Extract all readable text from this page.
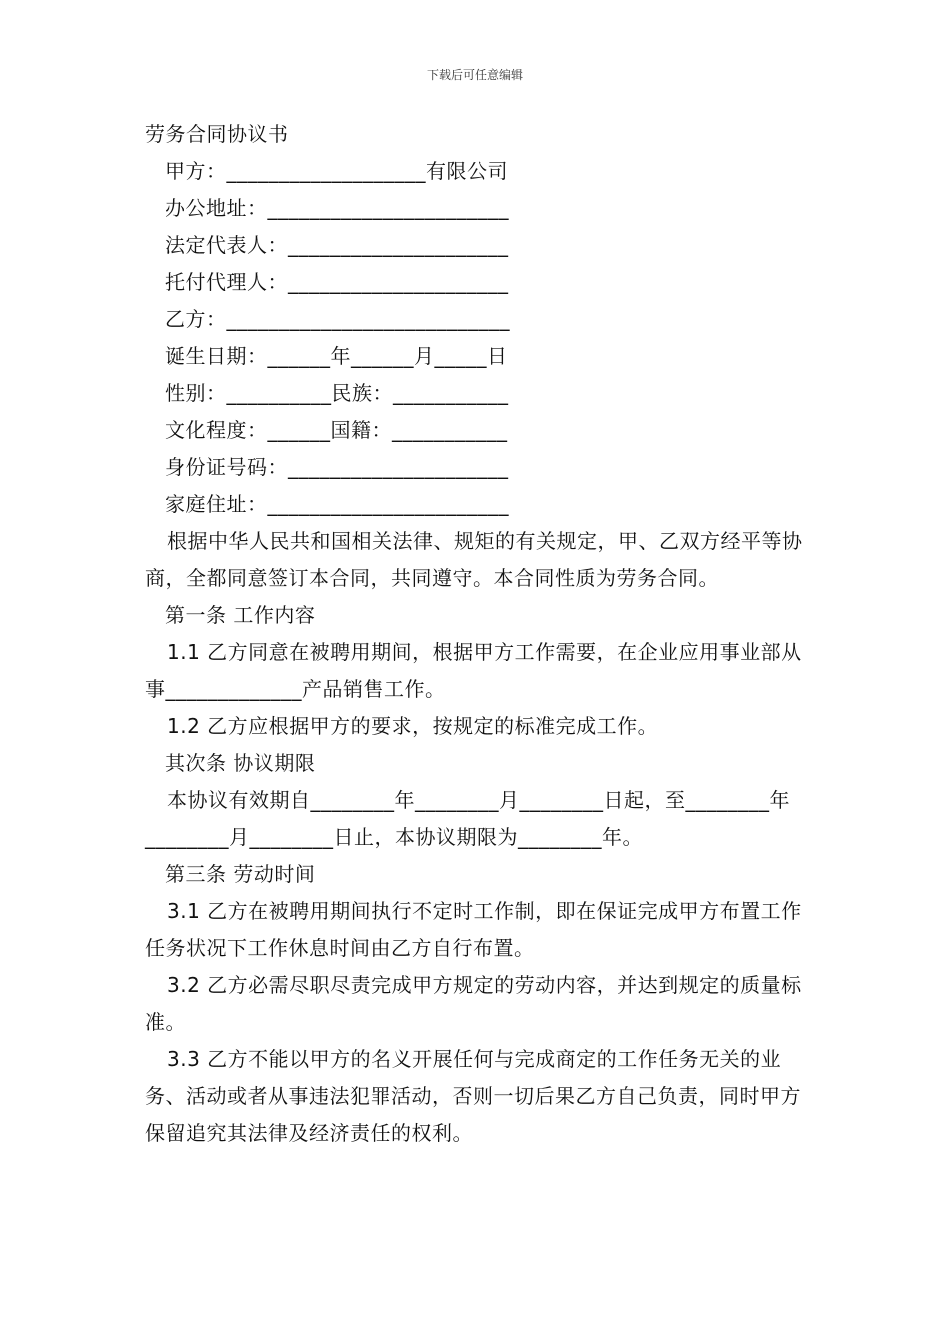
下载后可任意编辑

劳务合同协议书

甲方：___________________有限公司

办公地址：_______________________

法定代表人：_____________________

托付代理人：_____________________

乙方：___________________________

诞生日期：______年______月_____日

性别：__________民族：___________

文化程度：______国籍：___________

身份证号码：_____________________

家庭住址：_______________________

根据中华人民共和国相关法律、规矩的有关规定，甲、乙双方经平等协商，全都同意签订本合同，共同遵守。本合同性质为劳务合同。

第一条 工作内容

1.1 乙方同意在被聘用期间，根据甲方工作需要，在企业应用事业部从事_____________产品销售工作。

1.2 乙方应根据甲方的要求，按规定的标准完成工作。

其次条 协议期限

本协议有效期自________年________月________日起，至________年________月________日止，本协议期限为________年。

第三条 劳动时间

3.1 乙方在被聘用期间执行不定时工作制，即在保证完成甲方布置工作任务状况下工作休息时间由乙方自行布置。

3.2 乙方必需尽职尽责完成甲方规定的劳动内容，并达到规定的质量标准。

3.3 乙方不能以甲方的名义开展任何与完成商定的工作任务无关的业务、活动或者从事违法犯罪活动，否则一切后果乙方自己负责，同时甲方保留追究其法律及经济责任的权利。
